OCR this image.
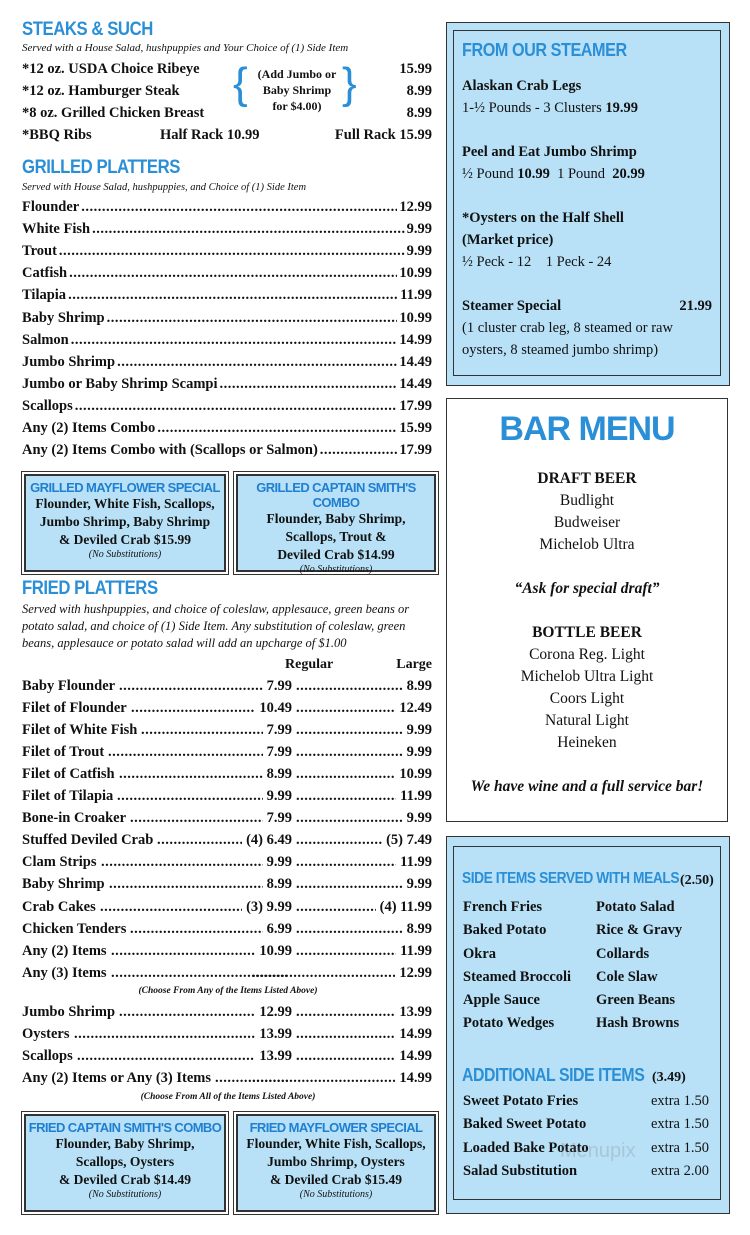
STEAKS & SUCH
Served with a House Salad, hushpuppies and Your Choice of (1) Side Item
*12 oz. USDA Choice Ribeye	15.99
*12 oz. Hamburger Steak	8.99
*8 oz. Grilled Chicken Breast	8.99
{ }
(Add Jumbo or
Baby Shrimp
for $4.00)
*BBQ Ribs	Half Rack 10.99	Full Rack 15.99
GRILLED PLATTERS
Served with House Salad, hushpuppies, and Choice of (1) Side Item
Flounder .....	12.99
White Fish .....	9.99
Trout .....	9.99
Catfish .....	10.99
Tilapia .....	11.99
Baby Shrimp .....	10.99
Salmon .....	14.99
Jumbo Shrimp .....	14.49
Jumbo or Baby Shrimp Scampi .....	14.49
Scallops .....	17.99
Any (2) Items Combo .....	15.99
Any (2) Items Combo with (Scallops or Salmon) .....	17.99
GRILLED MAYFLOWER SPECIAL
Flounder, White Fish, Scallops,
Jumbo Shrimp, Baby Shrimp
& Deviled Crab $15.99
(No Substitutions)
GRILLED CAPTAIN SMITH'S COMBO
Flounder, Baby Shrimp,
Scallops, Trout &
Deviled Crab $14.99
(No Substitutions)
FRIED PLATTERS
Served with hushpuppies, and choice of coleslaw, applesauce, green beans or potato salad, and choice of (1) Side Item. Any substitution of coleslaw, green beans, applesauce or potato salad will add an upcharge of $1.00
Regular	Large
Baby Flounder .....	7.99 .....	8.99
Filet of Flounder .....	10.49 .....	12.49
Filet of White Fish .....	7.99 .....	9.99
Filet of Trout .....	7.99 .....	9.99
Filet of Catfish .....	8.99 .....	10.99
Filet of Tilapia .....	9.99 .....	11.99
Bone-in Croaker .....	7.99 .....	9.99
Stuffed Deviled Crab .....	(4) 6.49 .....	(5) 7.49
Clam Strips .....	9.99 .....	11.99
Baby Shrimp .....	8.99 .....	9.99
Crab Cakes .....	(3) 9.99 .....	(4) 11.99
Chicken Tenders .....	6.99 .....	8.99
Any (2) Items .....	10.99 .....	11.99
Any (3) Items ..... .....	12.99
(Choose From Any of the Items Listed Above)
Jumbo Shrimp .....	12.99 .....	13.99
Oysters .....	13.99 .....	14.99
Scallops .....	13.99 .....	14.99
Any (2) Items or Any (3) Items ..... .....	14.99
(Choose From All of the Items Listed Above)
FRIED CAPTAIN SMITH'S COMBO
Flounder, Baby Shrimp,
Scallops, Oysters
& Deviled Crab $14.49
(No Substitutions)
FRIED MAYFLOWER SPECIAL
Flounder, White Fish, Scallops,
Jumbo Shrimp, Oysters
& Deviled Crab $15.49
(No Substitutions)
FROM OUR STEAMER
Alaskan Crab Legs
1-½ Pounds - 3 Clusters 19.99
Peel and Eat Jumbo Shrimp
½ Pound 10.99 1 Pound 20.99
*Oysters on the Half Shell
(Market price)
½ Peck - 12 1 Peck - 24
Steamer Special	21.99
(1 cluster crab leg, 8 steamed or raw
oysters, 8 steamed jumbo shrimp)
BAR MENU
DRAFT BEER
Budlight
Budweiser
Michelob Ultra
“Ask for special draft”
BOTTLE BEER
Corona Reg. Light
Michelob Ultra Light
Coors Light
Natural Light
Heineken
We have wine and a full service bar!
SIDE ITEMS SERVED WITH MEALS (2.50)
French Fries
Baked Potato
Okra
Steamed Broccoli
Apple Sauce
Potato Wedges
Potato Salad
Rice & Gravy
Collards
Cole Slaw
Green Beans
Hash Browns
ADDITIONAL SIDE ITEMS (3.49)
Sweet Potato Fries	extra 1.50
Baked Sweet Potato	extra 1.50
Loaded Bake Potato	extra 1.50
Salad Substitution	extra 2.00
Menupix
